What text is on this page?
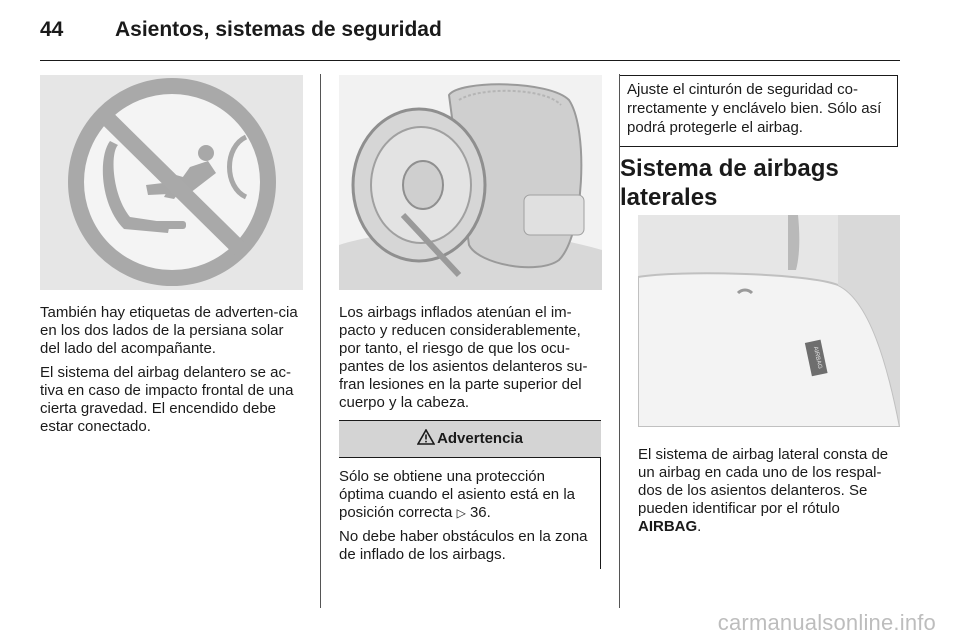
44 Asientos, sistemas de seguridad

También hay etiquetas de adverten-cia en los dos lados de la persiana solar del lado del acompañante.

El sistema del airbag delantero se ac-tiva en caso de impacto frontal de una cierta gravedad. El encendido debe estar conectado.

Los airbags inflados atenúan el im-pacto y reducen considerablemente, por tanto, el riesgo de que los ocu-pantes de los asientos delanteros su-fran lesiones en la parte superior del cuerpo y la cabeza.

Advertencia

Sólo se obtiene una protección óptima cuando el asiento está en la posición correcta ▷ 36.

No debe haber obstáculos en la zona de inflado de los airbags.

Ajuste el cinturón de seguridad co-rrectamente y enclávelo bien. Sólo así podrá protegerle el airbag.
Sistema de airbags laterales
AIRBAG

El sistema de airbag lateral consta de un airbag en cada uno de los respal-dos de los asientos delanteros. Se pueden identificar por el rótulo AIRBAG.

carmanualsonline.info
